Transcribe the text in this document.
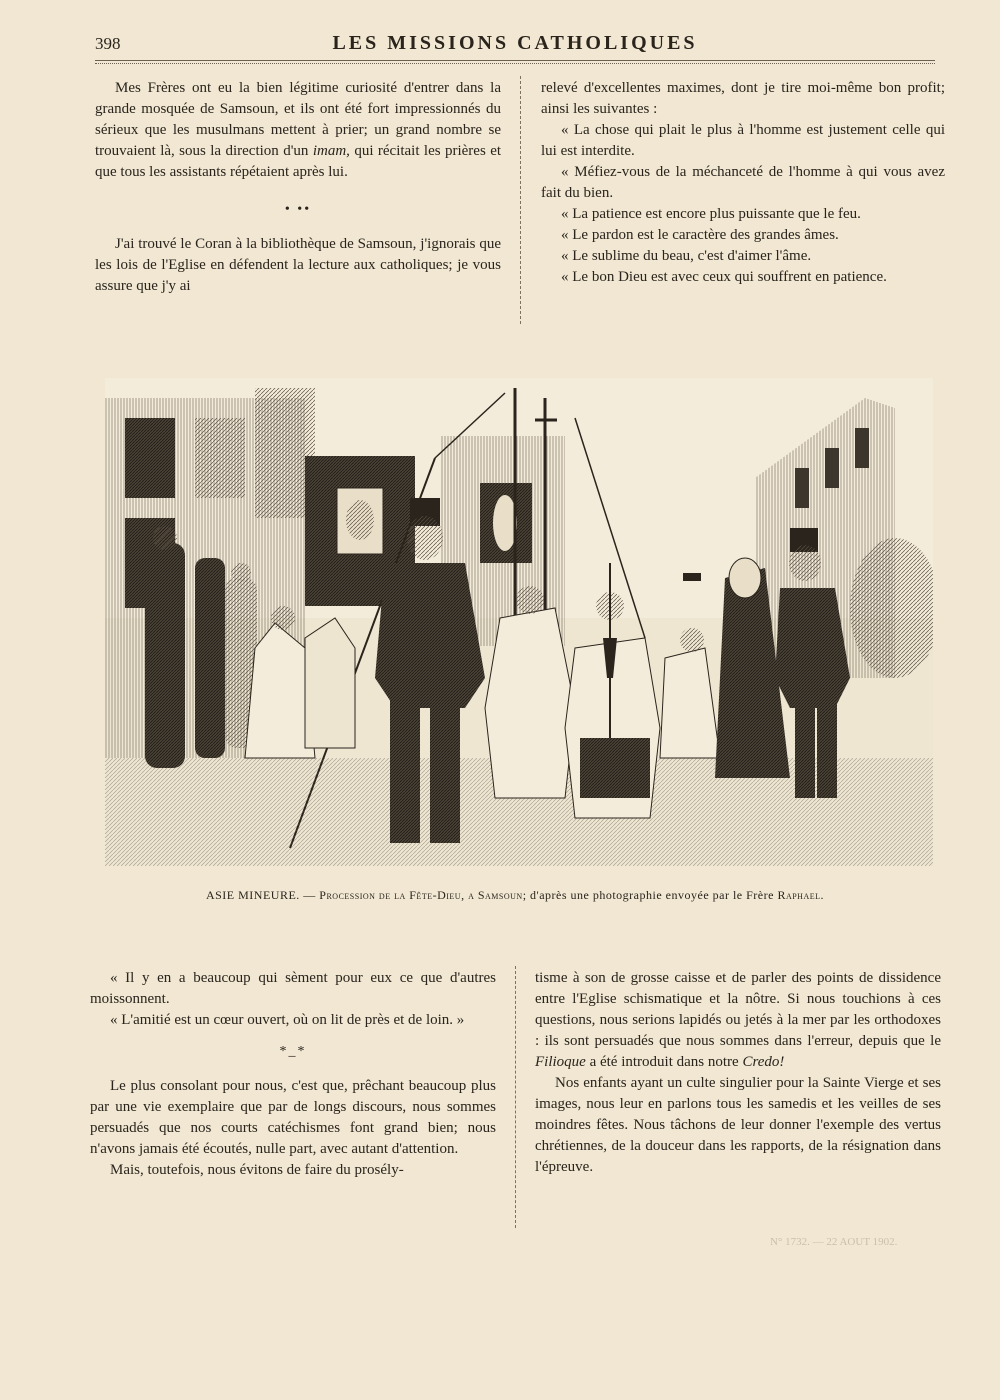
398	LES MISSIONS CATHOLIQUES

Mes Frères ont eu la bien légitime curiosité d'entrer dans la grande mosquée de Samsoun, et ils ont été fort impressionnés du sérieux que les musulmans mettent à prier; un grand nombre se trouvaient là, sous la direction d'un imam, qui récitait les prières et que tous les assistants répétaient après lui.

• ••

J'ai trouvé le Coran à la bibliothèque de Samsoun, j'ignorais que les lois de l'Eglise en défendent la lecture aux catholiques; je vous assure que j'y ai

relevé d'excellentes maximes, dont je tire moi-même bon profit; ainsi les suivantes :

« La chose qui plait le plus à l'homme est justement celle qui lui est interdite.

« Méfiez-vous de la méchanceté de l'homme à qui vous avez fait du bien.

« La patience est encore plus puissante que le feu.

« Le pardon est le caractère des grandes âmes.

« Le sublime du beau, c'est d'aimer l'âme.

« Le bon Dieu est avec ceux qui souffrent en patience.

ASIE MINEURE. — Procession de la Fête-Dieu, a Samsoun; d'après une photographie envoyée par le Frère Raphael.

« Il y en a beaucoup qui sèment pour eux ce que d'autres moissonnent.

« L'amitié est un cœur ouvert, où on lit de près et de loin. »

*_*

Le plus consolant pour nous, c'est que, prêchant beaucoup plus par une vie exemplaire que par de longs discours, nous sommes persuadés que nos courts catéchismes font grand bien; nous n'avons jamais été écoutés, nulle part, avec autant d'attention.

Mais, toutefois, nous évitons de faire du prosély-

tisme à son de grosse caisse et de parler des points de dissidence entre l'Eglise schismatique et la nôtre. Si nous touchions à ces questions, nous serions lapidés ou jetés à la mer par les orthodoxes : ils sont persuadés que nous sommes dans l'erreur, depuis que le Filioque a été introduit dans notre Credo!

Nos enfants ayant un culte singulier pour la Sainte Vierge et ses images, nous leur en parlons tous les samedis et les veilles de ses moindres fêtes. Nous tâchons de leur donner l'exemple des vertus chrétiennes, de la douceur dans les rapports, de la résignation dans l'épreuve.

N° 1732. — 22 AOUT 1902.
